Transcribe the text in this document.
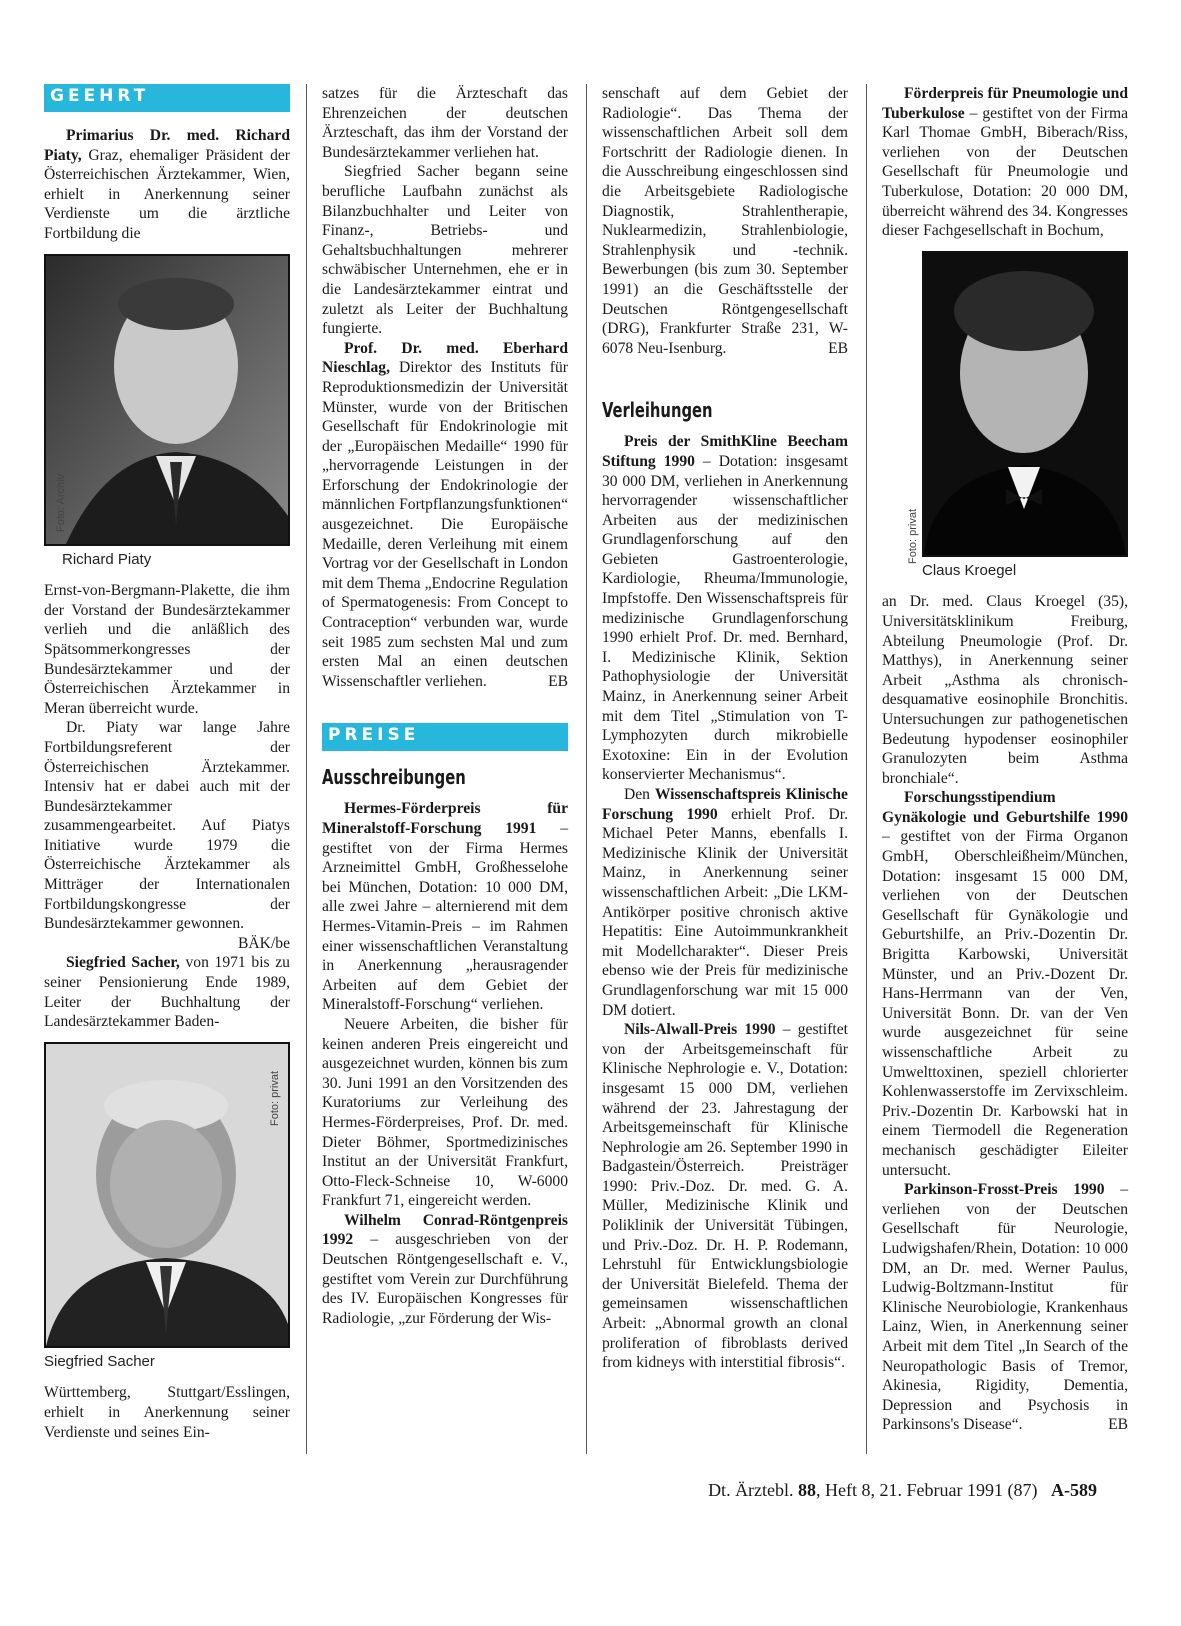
GEEHRT

Primarius Dr. med. Richard Piaty, Graz, ehemaliger Präsident der Österreichischen Ärztekammer, Wien, erhielt in Anerkennung seiner Verdienste um die ärztliche Fortbildung die

Foto: Archiv
Richard Piaty

Ernst-von-Bergmann-Plakette, die ihm der Vorstand der Bundesärztekammer verlieh und die anläßlich des Spätsommerkongresses der Bundesärztekammer und der Österreichischen Ärztekammer in Meran überreicht wurde.

Dr. Piaty war lange Jahre Fortbildungsreferent der Österreichischen Ärztekammer. Intensiv hat er dabei auch mit der Bundesärztekammer zusammengearbeitet. Auf Piatys Initiative wurde 1979 die Österreichische Ärztekammer als Mitträger der Internationalen Fortbildungskongresse der Bundesärztekammer gewonnen.
BÄK/be

Siegfried Sacher, von 1971 bis zu seiner Pensionierung Ende 1989, Leiter der Buchhaltung der Landesärztekammer Baden-

Foto: privat
Siegfried Sacher

Württemberg, Stuttgart/Esslingen, erhielt in Anerkennung seiner Verdienste und seines Ein-

satzes für die Ärzteschaft das Ehrenzeichen der deutschen Ärzteschaft, das ihm der Vorstand der Bundesärztekammer verliehen hat.

Siegfried Sacher begann seine berufliche Laufbahn zunächst als Bilanzbuchhalter und Leiter von Finanz-, Betriebs- und Gehaltsbuchhaltungen mehrerer schwäbischer Unternehmen, ehe er in die Landesärztekammer eintrat und zuletzt als Leiter der Buchhaltung fungierte.

Prof. Dr. med. Eberhard Nieschlag, Direktor des Instituts für Reproduktionsmedizin der Universität Münster, wurde von der Britischen Gesellschaft für Endokrinologie mit der „Europäischen Medaille“ 1990 für „hervorragende Leistungen in der Erforschung der Endokrinologie der männlichen Fortpflanzungsfunktionen“ ausgezeichnet. Die Europäische Medaille, deren Verleihung mit einem Vortrag vor der Gesellschaft in London mit dem Thema „Endocrine Regulation of Spermatogenesis: From Concept to Contraception“ verbunden war, wurde seit 1985 zum sechsten Mal und zum ersten Mal an einen deutschen Wissenschaftler verliehen.	EB

PREISE
Ausschreibungen

Hermes-Förderpreis für Mineralstoff-Forschung 1991 – gestiftet von der Firma Hermes Arzneimittel GmbH, Großhesselohe bei München, Dotation: 10 000 DM, alle zwei Jahre – alternierend mit dem Hermes-Vitamin-Preis – im Rahmen einer wissenschaftlichen Veranstaltung in Anerkennung „herausragender Arbeiten auf dem Gebiet der Mineralstoff-Forschung“ verliehen.

Neuere Arbeiten, die bisher für keinen anderen Preis eingereicht und ausgezeichnet wurden, können bis zum 30. Juni 1991 an den Vorsitzenden des Kuratoriums zur Verleihung des Hermes-Förderpreises, Prof. Dr. med. Dieter Böhmer, Sportmedizinisches Institut an der Universität Frankfurt, Otto-Fleck-Schneise 10, W-6000 Frankfurt 71, eingereicht werden.

Wilhelm Conrad-Röntgenpreis 1992 – ausgeschrieben von der Deutschen Röntgengesellschaft e. V., gestiftet vom Verein zur Durchführung des IV. Europäischen Kongresses für Radiologie, „zur Förderung der Wis-

senschaft auf dem Gebiet der Radiologie“. Das Thema der wissenschaftlichen Arbeit soll dem Fortschritt der Radiologie dienen. In die Ausschreibung eingeschlossen sind die Arbeitsgebiete Radiologische Diagnostik, Strahlentherapie, Nuklearmedizin, Strahlenbiologie, Strahlenphysik und -technik. Bewerbungen (bis zum 30. September 1991) an die Geschäftsstelle der Deutschen Röntgengesellschaft (DRG), Frankfurter Straße 231, W-6078 Neu-Isenburg.	EB

Verleihungen

Preis der SmithKline Beecham Stiftung 1990 – Dotation: insgesamt 30 000 DM, verliehen in Anerkennung hervorragender wissenschaftlicher Arbeiten aus der medizinischen Grundlagenforschung auf den Gebieten Gastroenterologie, Kardiologie, Rheuma/Immunologie, Impfstoffe. Den Wissenschaftspreis für medizinische Grundlagenforschung 1990 erhielt Prof. Dr. med. Bernhard, I. Medizinische Klinik, Sektion Pathophysiologie der Universität Mainz, in Anerkennung seiner Arbeit mit dem Titel „Stimulation von T-Lymphozyten durch mikrobielle Exotoxine: Ein in der Evolution konservierter Mechanismus“.

Den Wissenschaftspreis Klinische Forschung 1990 erhielt Prof. Dr. Michael Peter Manns, ebenfalls I. Medizinische Klinik der Universität Mainz, in Anerkennung seiner wissenschaftlichen Arbeit: „Die LKM-Antikörper positive chronisch aktive Hepatitis: Eine Autoimmunkrankheit mit Modellcharakter“. Dieser Preis ebenso wie der Preis für medizinische Grundlagenforschung war mit 15 000 DM dotiert.

Nils-Alwall-Preis 1990 – gestiftet von der Arbeitsgemeinschaft für Klinische Nephrologie e. V., Dotation: insgesamt 15 000 DM, verliehen während der 23. Jahrestagung der Arbeitsgemeinschaft für Klinische Nephrologie am 26. September 1990 in Badgastein/Österreich. Preisträger 1990: Priv.-Doz. Dr. med. G. A. Müller, Medizinische Klinik und Poliklinik der Universität Tübingen, und Priv.-Doz. Dr. H. P. Rodemann, Lehrstuhl für Entwicklungsbiologie der Universität Bielefeld. Thema der gemeinsamen wissenschaftlichen Arbeit: „Abnormal growth an clonal proliferation of fibroblasts derived from kidneys with interstitial fibrosis“.

Förderpreis für Pneumologie und Tuberkulose – gestiftet von der Firma Karl Thomae GmbH, Biberach/Riss, verliehen von der Deutschen Gesellschaft für Pneumologie und Tuberkulose, Dotation: 20 000 DM, überreicht während des 34. Kongresses dieser Fachgesellschaft in Bochum,

Foto: privat
Claus Kroegel

an Dr. med. Claus Kroegel (35), Universitätsklinikum Freiburg, Abteilung Pneumologie (Prof. Dr. Matthys), in Anerkennung seiner Arbeit „Asthma als chronisch-desquamative eosinophile Bronchitis. Untersuchungen zur pathogenetischen Bedeutung hypodenser eosinophiler Granulozyten beim Asthma bronchiale“.

Forschungsstipendium Gynäkologie und Geburtshilfe 1990 – gestiftet von der Firma Organon GmbH, Oberschleißheim/München, Dotation: insgesamt 15 000 DM, verliehen von der Deutschen Gesellschaft für Gynäkologie und Geburtshilfe, an Priv.-Dozentin Dr. Brigitta Karbowski, Universität Münster, und an Priv.-Dozent Dr. Hans-Herrmann van der Ven, Universität Bonn. Dr. van der Ven wurde ausgezeichnet für seine wissenschaftliche Arbeit zu Umwelttoxinen, speziell chlorierter Kohlenwasserstoffe im Zervixschleim. Priv.-Dozentin Dr. Karbowski hat in einem Tiermodell die Regeneration mechanisch geschädigter Eileiter untersucht.

Parkinson-Frosst-Preis 1990 – verliehen von der Deutschen Gesellschaft für Neurologie, Ludwigshafen/Rhein, Dotation: 10 000 DM, an Dr. med. Werner Paulus, Ludwig-Boltzmann-Institut für Klinische Neurobiologie, Krankenhaus Lainz, Wien, in Anerkennung seiner Arbeit mit dem Titel „In Search of the Neuropathologic Basis of Tremor, Akinesia, Rigidity, Dementia, Depression and Psychosis in Parkinsons's Disease“.	EB

Dt. Ärztebl. 88, Heft 8, 21. Februar 1991 (87) A-589
